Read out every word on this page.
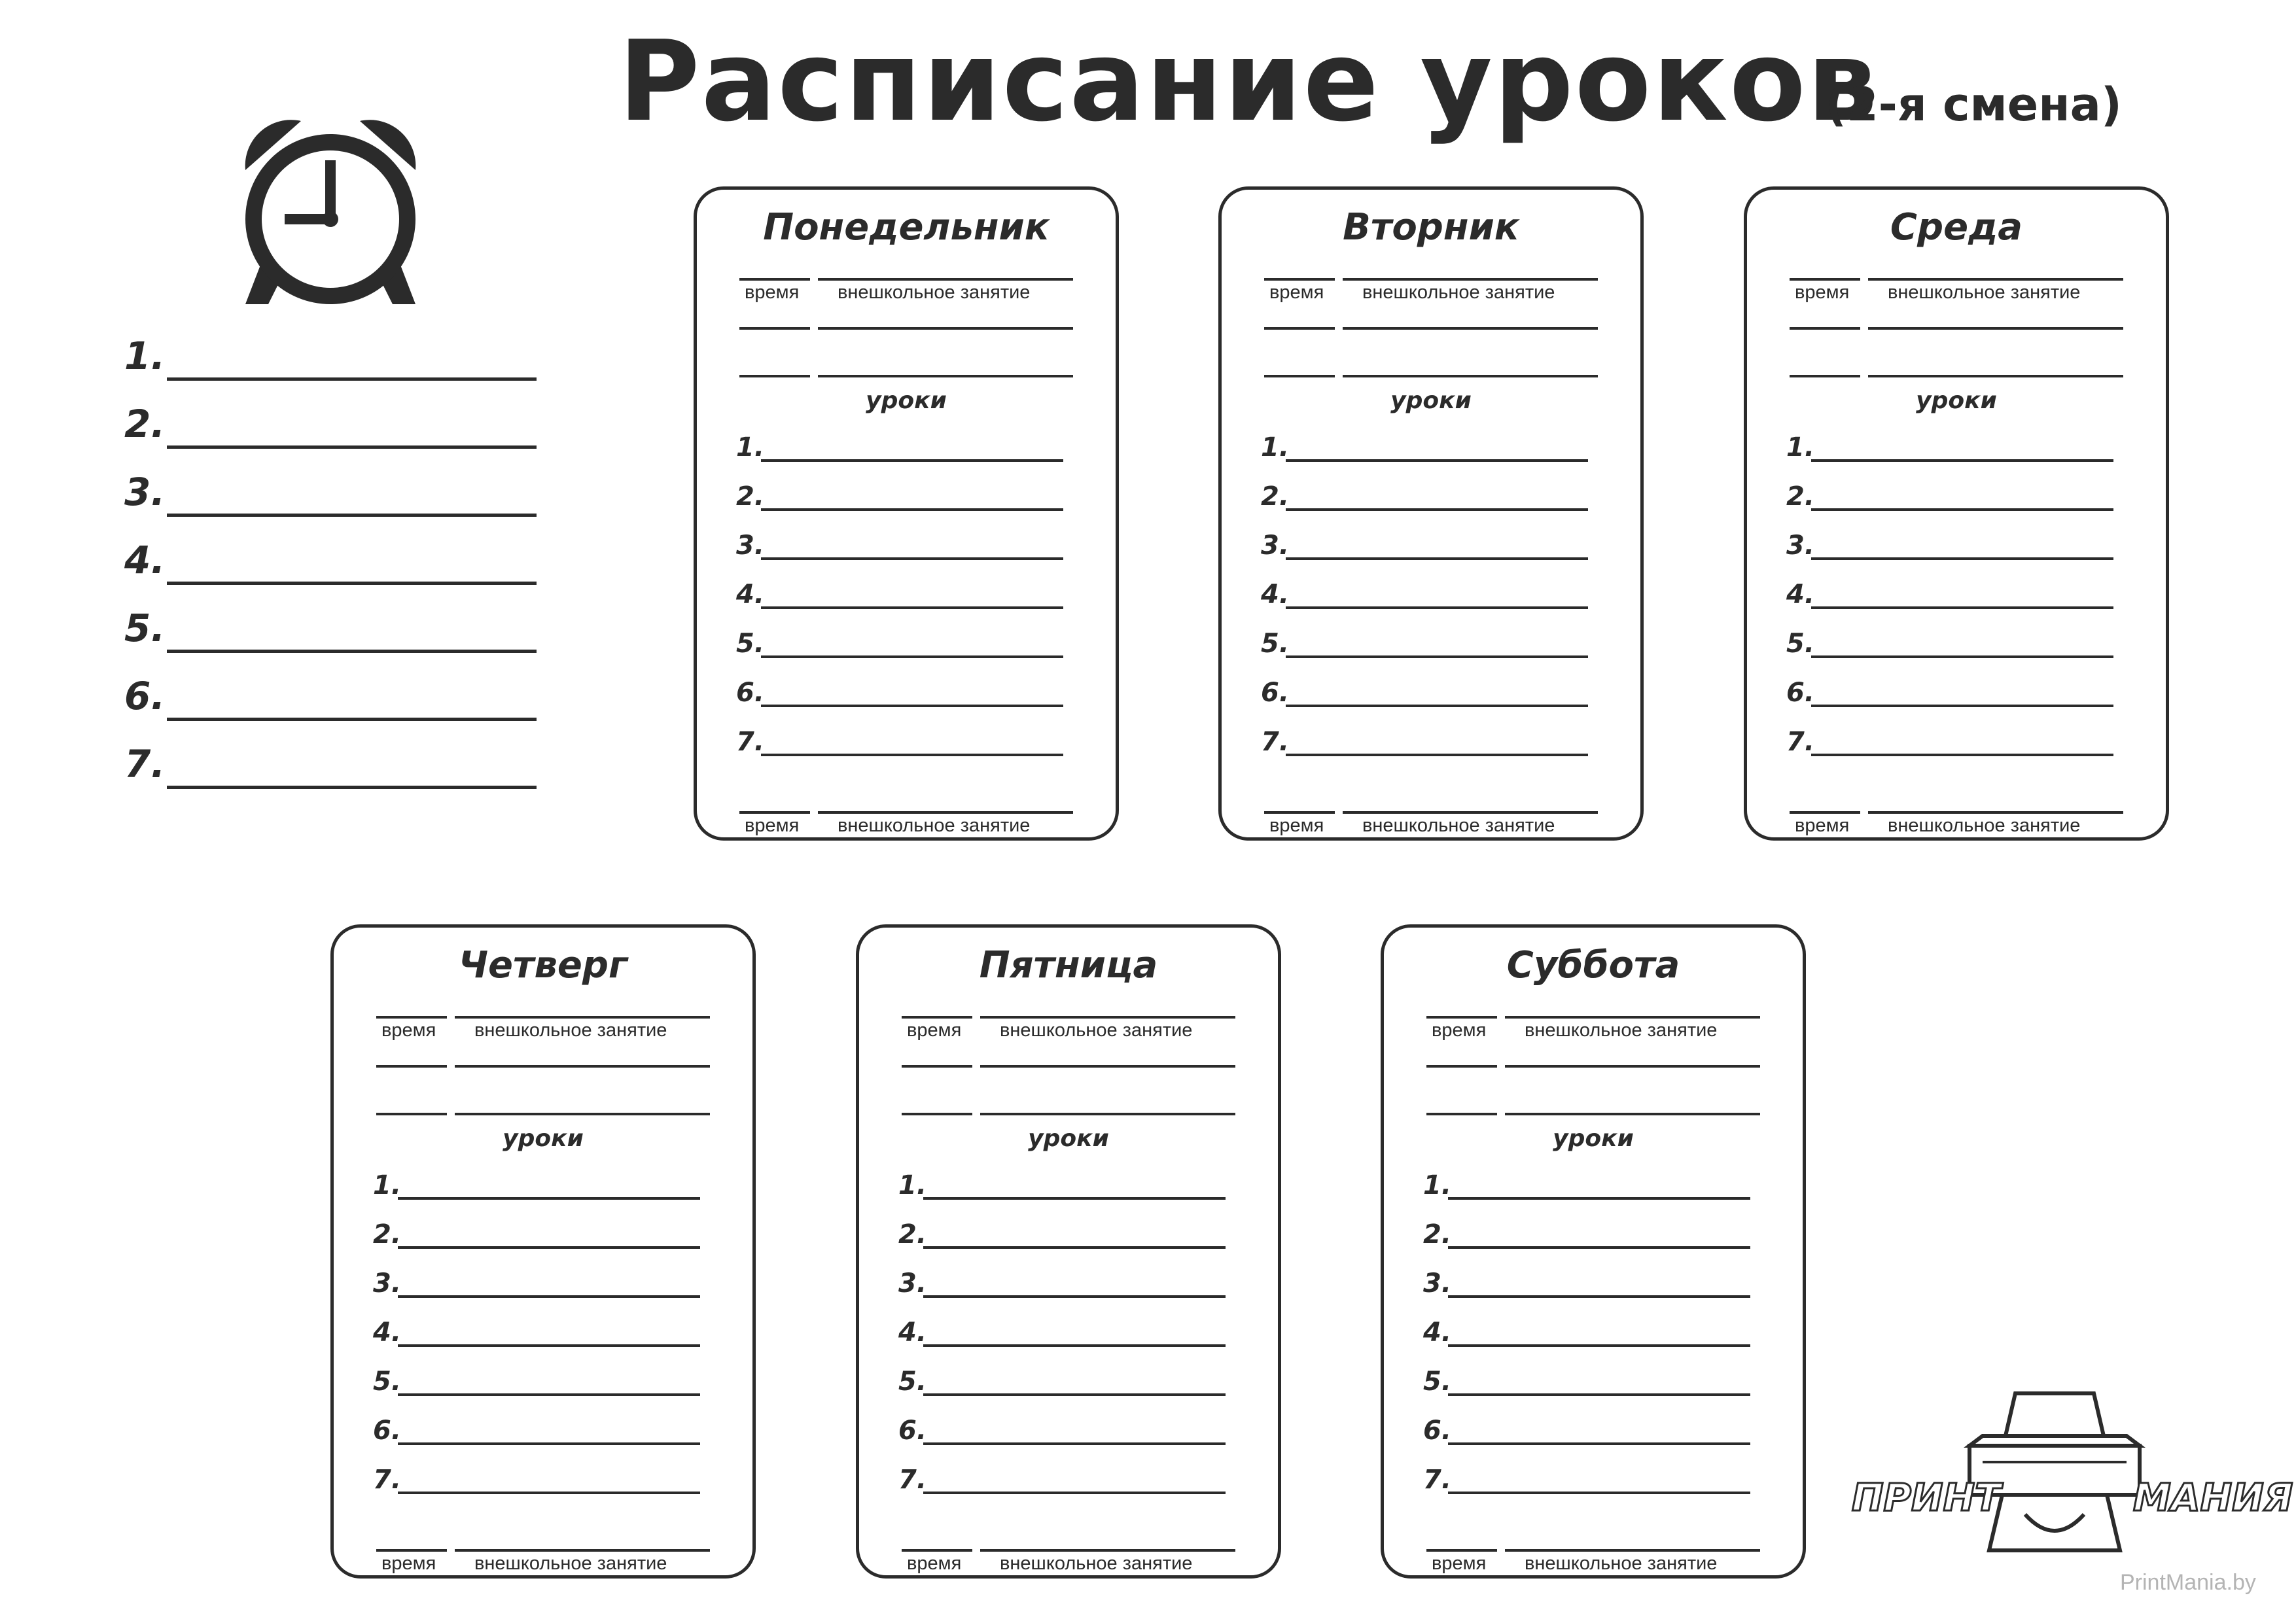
Расписание уроков
(2-я смена)
1.
2.
3.
4.
5.
6.
7.
Понедельник
время внешкольное занятие
уроки
1.
2.
3.
4.
5.
6.
7.
время внешкольное занятие
Вторник
время внешкольное занятие
уроки
1.
2.
3.
4.
5.
6.
7.
время внешкольное занятие
Среда
время внешкольное занятие
уроки
1.
2.
3.
4.
5.
6.
7.
время внешкольное занятие
Четверг
время внешкольное занятие
уроки
1.
2.
3.
4.
5.
6.
7.
время внешкольное занятие
Пятница
время внешкольное занятие
уроки
1.
2.
3.
4.
5.
6.
7.
время внешкольное занятие
Суббота
время внешкольное занятие
уроки
1.
2.
3.
4.
5.
6.
7.
время внешкольное занятие
ПРИНТ	МАНИЯ
PrintMania.by
